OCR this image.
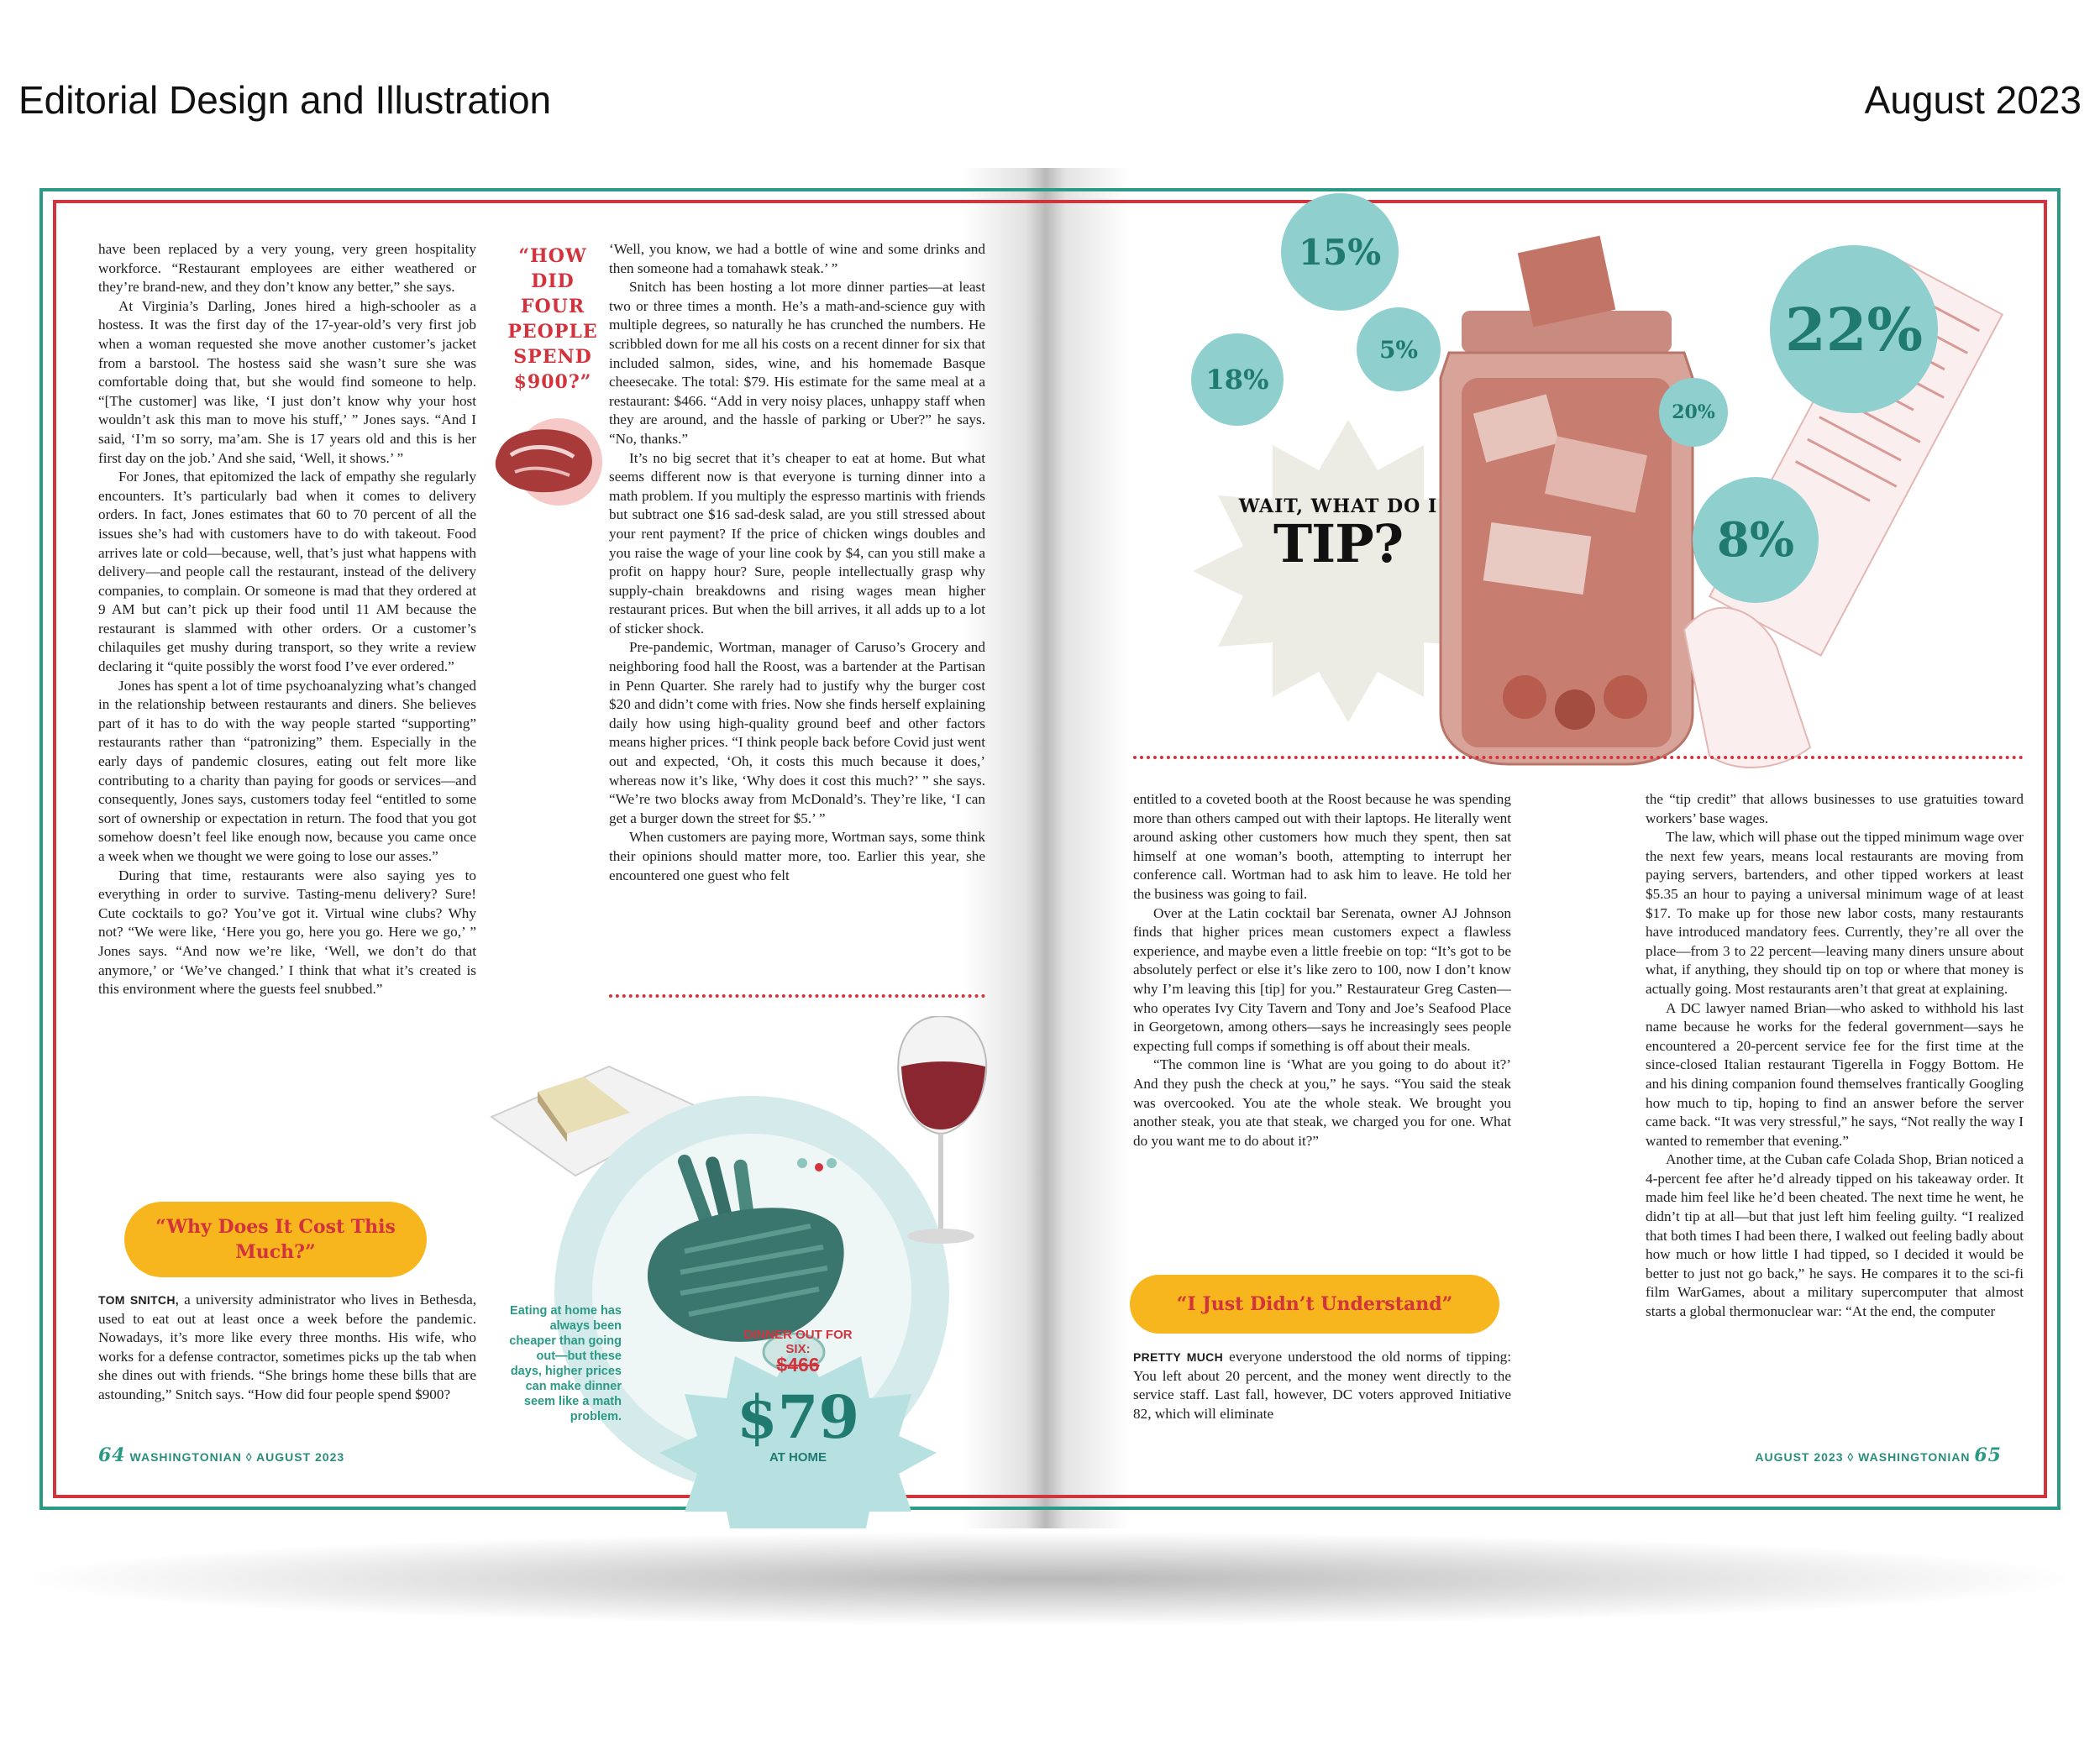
Editorial Design and Illustration	August 2023

have been replaced by a very young, very green hospitality workforce. “Restaurant employees are either weathered or they’re brand-new, and they don’t know any better,” she says.

At Virginia’s Darling, Jones hired a high-schooler as a hostess. It was the first day of the 17-year-old’s very first job when a woman requested she move another customer’s jacket from a barstool. The hostess said she wasn’t sure she was comfortable doing that, but she would find someone to help. “[The customer] was like, ‘I just don’t know why your host wouldn’t ask this man to move his stuff,’ ” Jones says. “And I said, ‘I’m so sorry, ma’am. She is 17 years old and this is her first day on the job.’ And she said, ‘Well, it shows.’ ”

For Jones, that epitomized the lack of empathy she regularly encounters. It’s particularly bad when it comes to delivery orders. In fact, Jones estimates that 60 to 70 percent of all the issues she’s had with customers have to do with takeout. Food arrives late or cold—because, well, that’s just what happens with delivery—and people call the restaurant, instead of the delivery companies, to complain. Or someone is mad that they ordered at 9 AM but can’t pick up their food until 11 AM because the restaurant is slammed with other orders. Or a customer’s chilaquiles get mushy during transport, so they write a review declaring it “quite possibly the worst food I’ve ever ordered.”

Jones has spent a lot of time psychoanalyzing what’s changed in the relationship between restaurants and diners. She believes part of it has to do with the way people started “supporting” restaurants rather than “patronizing” them. Especially in the early days of pandemic closures, eating out felt more like contributing to a charity than paying for goods or services—and consequently, Jones says, customers today feel “entitled to some sort of ownership or expectation in return. The food that you got somehow doesn’t feel like enough now, because you came once a week when we thought we were going to lose our asses.”

During that time, restaurants were also saying yes to everything in order to survive. Tasting-menu delivery? Sure! Cute cocktails to go? You’ve got it. Virtual wine clubs? Why not? “We were like, ‘Here you go, here you go. Here we go,’ ” Jones says. “And now we’re like, ‘Well, we don’t do that anymore,’ or ‘We’ve changed.’ I think that what it’s created is this environment where the guests feel snubbed.”

“HOW DID FOUR PEOPLE SPEND $900?”

‘Well, you know, we had a bottle of wine and some drinks and then someone had a tomahawk steak.’ ”

Snitch has been hosting a lot more dinner parties—at least two or three times a month. He’s a math-and-science guy with multiple degrees, so naturally he has crunched the numbers. He scribbled down for me all his costs on a recent dinner for six that included salmon, sides, wine, and his homemade Basque cheesecake. The total: $79. His estimate for the same meal at a restaurant: $466. “Add in very noisy places, unhappy staff when they are around, and the hassle of parking or Uber?” he says. “No, thanks.”

It’s no big secret that it’s cheaper to eat at home. But what seems different now is that everyone is turning dinner into a math problem. If you multiply the espresso martinis with friends but subtract one $16 sad-desk salad, are you still stressed about your rent payment? If the price of chicken wings doubles and you raise the wage of your line cook by $4, can you still make a profit on happy hour? Sure, people intellectually grasp why supply-chain breakdowns and rising wages mean higher restaurant prices. But when the bill arrives, it all adds up to a lot of sticker shock.

Pre-pandemic, Wortman, manager of Caruso’s Grocery and neighboring food hall the Roost, was a bartender at the Partisan in Penn Quarter. She rarely had to justify why the burger cost $20 and didn’t come with fries. Now she finds herself explaining daily how using high-quality ground beef and other factors means higher prices. “I think people back before Covid just went out and expected, ‘Oh, it costs this much because it does,’ whereas now it’s like, ‘Why does it cost this much?’ ” she says. “We’re two blocks away from McDonald’s. They’re like, ‘I can get a burger down the street for $5.’ ”

When customers are paying more, Wortman says, some think their opinions should matter more, too. Earlier this year, she encountered one guest who felt

DINNER OUT FOR SIX:
$466
$79
AT HOME
Eating at home has always been cheaper than going out—but these days, higher prices can make dinner seem like a math problem.
“Why Does It Cost This Much?”

TOM SNITCH, a university administrator who lives in Bethesda, used to eat out at least once a week before the pandemic. Nowadays, it’s more like every three months. His wife, who works for a defense contractor, sometimes picks up the tab when she dines out with friends. “She brings home these bills that are astounding,” Snitch says. “How did four people spend $900?

64 WASHINGTONIAN ◊ AUGUST 2023
15%
5%
18%
22%
20%
8%
WAIT, WHAT DO I
TIP?

entitled to a coveted booth at the Roost because he was spending more than others camped out with their laptops. He literally went around asking other customers how much they spent, then sat himself at one woman’s booth, attempting to interrupt her conference call. Wortman had to ask him to leave. He told her the business was going to fail.

Over at the Latin cocktail bar Serenata, owner AJ Johnson finds that higher prices mean customers expect a flawless experience, and maybe even a little freebie on top: “It’s got to be absolutely perfect or else it’s like zero to 100, now I don’t know why I’m leaving this [tip] for you.” Restaurateur Greg Casten—who operates Ivy City Tavern and Tony and Joe’s Seafood Place in Georgetown, among others—says he increasingly sees people expecting full comps if something is off about their meals.

“The common line is ‘What are you going to do about it?’ And they push the check at you,” he says. “You said the steak was overcooked. You ate the whole steak. We brought you another steak, you ate that steak, we charged you for one. What do you want me to do about it?”

“I Just Didn’t Understand”

PRETTY MUCH everyone understood the old norms of tipping: You left about 20 percent, and the money went directly to the service staff. Last fall, however, DC voters approved Initiative 82, which will eliminate

the “tip credit” that allows businesses to use gratuities toward workers’ base wages.

The law, which will phase out the tipped minimum wage over the next few years, means local restaurants are moving from paying servers, bartenders, and other tipped workers at least $5.35 an hour to paying a universal minimum wage of at least $17. To make up for those new labor costs, many restaurants have introduced mandatory fees. Currently, they’re all over the place—from 3 to 22 percent—leaving many diners unsure about what, if anything, they should tip on top or where that money is actually going. Most restaurants aren’t that great at explaining.

A DC lawyer named Brian—who asked to withhold his last name because he works for the federal government—says he encountered a 20-percent service fee for the first time at the since-closed Italian restaurant Tigerella in Foggy Bottom. He and his dining companion found themselves frantically Googling how much to tip, hoping to find an answer before the server came back. “It was very stressful,” he says, “Not really the way I wanted to remember that evening.”

Another time, at the Cuban cafe Colada Shop, Brian noticed a 4-percent fee after he’d already tipped on his takeaway order. It made him feel like he’d been cheated. The next time he went, he didn’t tip at all—but that just left him feeling guilty. “I realized that both times I had been there, I walked out feeling badly about how much or how little I had tipped, so I decided it would be better to just not go back,” he says. He compares it to the sci-fi film WarGames, about a military supercomputer that almost starts a global thermonuclear war: “At the end, the computer

AUGUST 2023 ◊ WASHINGTONIAN 65
